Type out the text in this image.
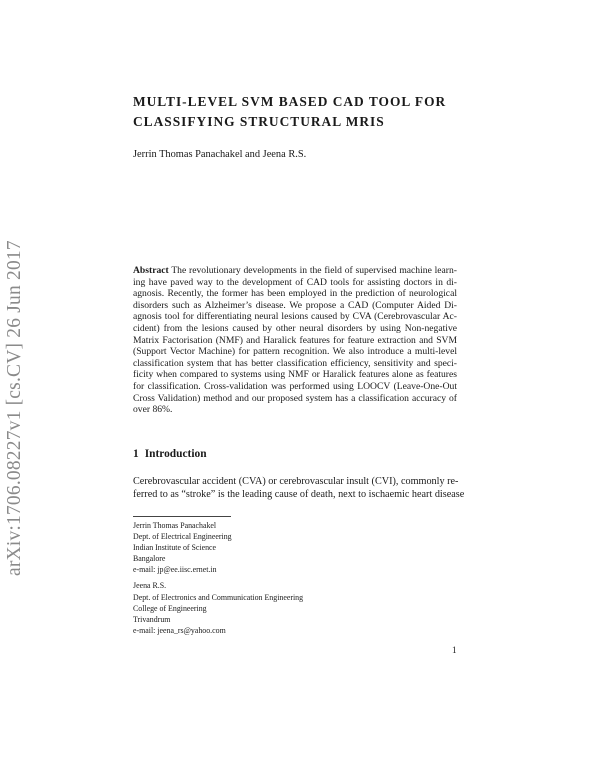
arXiv:1706.08227v1 [cs.CV] 26 Jun 2017
MULTI-LEVEL SVM BASED CAD TOOL FOR
CLASSIFYING STRUCTURAL MRIS
Jerrin Thomas Panachakel and Jeena R.S.
Abstract The revolutionary developments in the field of supervised machine learn-
ing have paved way to the development of CAD tools for assisting doctors in di-
agnosis. Recently, the former has been employed in the prediction of neurological
disorders such as Alzheimer’s disease. We propose a CAD (Computer Aided Di-
agnosis tool for differentiating neural lesions caused by CVA (Cerebrovascular Ac-
cident) from the lesions caused by other neural disorders by using Non-negative
Matrix Factorisation (NMF) and Haralick features for feature extraction and SVM
(Support Vector Machine) for pattern recognition. We also introduce a multi-level
classification system that has better classification efficiency, sensitivity and speci-
ficity when compared to systems using NMF or Haralick features alone as features
for classification. Cross-validation was performed using LOOCV (Leave-One-Out
Cross Validation) method and our proposed system has a classification accuracy of
over 86%.
1 Introduction
Cerebrovascular accident (CVA) or cerebrovascular insult (CVI), commonly re-
ferred to as “stroke” is the leading cause of death, next to ischaemic heart disease
Jerrin Thomas Panachakel
Dept. of Electrical Engineering
Indian Institute of Science
Bangalore
e-mail: jp@ee.iisc.ernet.in
Jeena R.S.
Dept. of Electronics and Communication Engineering
College of Engineering
Trivandrum
e-mail: jeena_rs@yahoo.com
1
